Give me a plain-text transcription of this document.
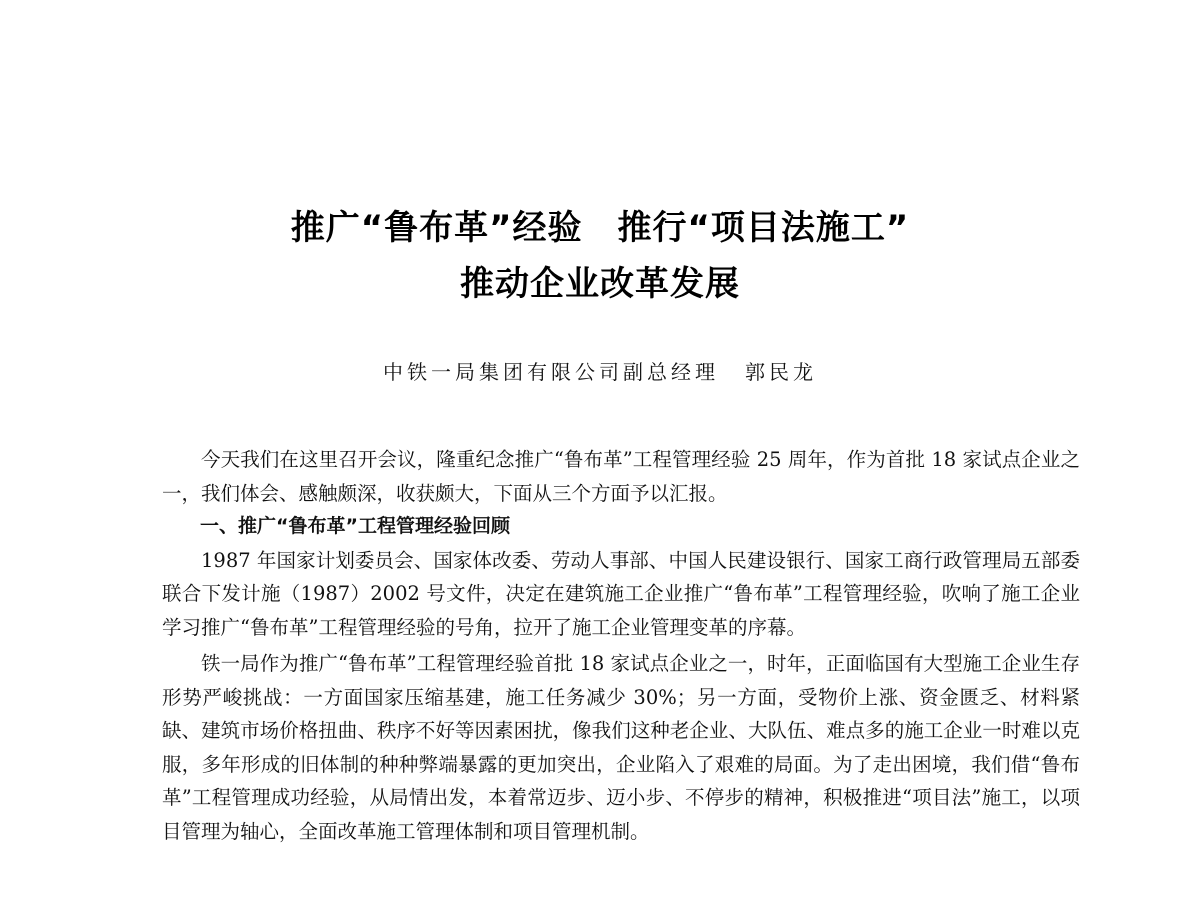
推广“鲁布革”经验　推行“项目法施工”
推动企业改革发展
中铁一局集团有限公司副总经理 郭民龙

今天我们在这里召开会议，隆重纪念推广“鲁布革”工程管理经验 25 周年，作为首批 18 家试点企业之一，我们体会、感触颇深，收获颇大，下面从三个方面予以汇报。

一、推广“鲁布革”工程管理经验回顾

1987 年国家计划委员会、国家体改委、劳动人事部、中国人民建设银行、国家工商行政管理局五部委联合下发计施（1987）2002 号文件，决定在建筑施工企业推广“鲁布革”工程管理经验，吹响了施工企业学习推广“鲁布革”工程管理经验的号角，拉开了施工企业管理变革的序幕。

铁一局作为推广“鲁布革”工程管理经验首批 18 家试点企业之一，时年，正面临国有大型施工企业生存形势严峻挑战：一方面国家压缩基建，施工任务减少 30%；另一方面，受物价上涨、资金匮乏、材料紧缺、建筑市场价格扭曲、秩序不好等因素困扰，像我们这种老企业、大队伍、难点多的施工企业一时难以克服，多年形成的旧体制的种种弊端暴露的更加突出，企业陷入了艰难的局面。为了走出困境，我们借“鲁布革”工程管理成功经验，从局情出发，本着常迈步、迈小步、不停步的精神，积极推进“项目法”施工，以项目管理为轴心，全面改革施工管理体制和项目管理机制。
